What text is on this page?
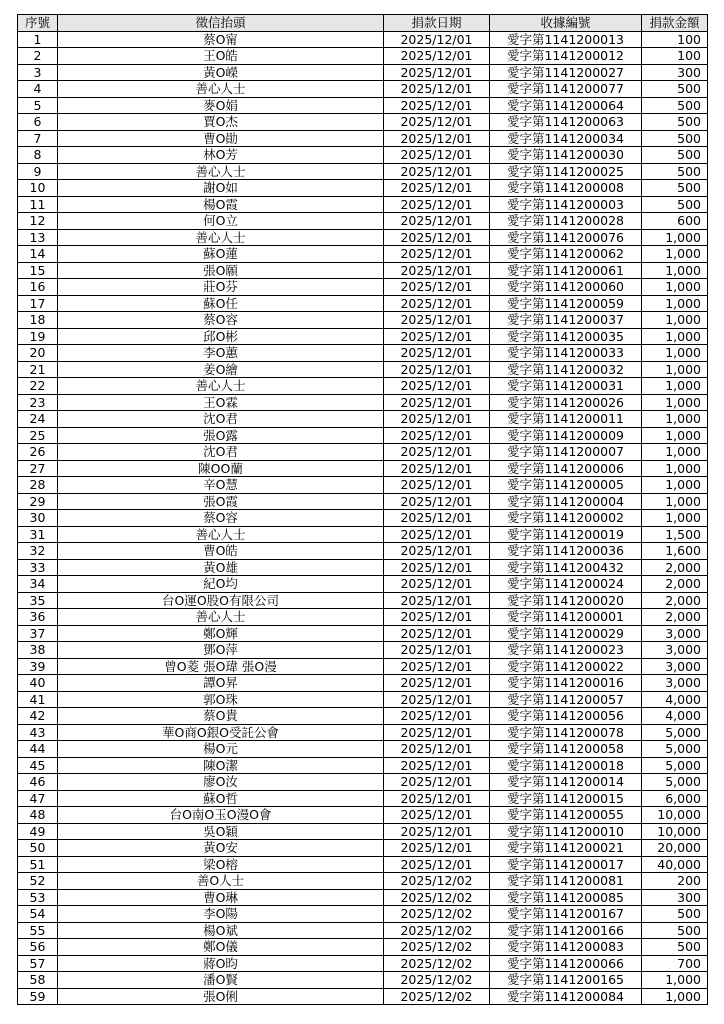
序號	徵信抬頭	捐款日期	收據編號	捐款金額
1	蔡O甯	2025/12/01	愛字第1141200013	100
2	王O皓	2025/12/01	愛字第1141200012	100
3	黃O嶸	2025/12/01	愛字第1141200027	300
4	善心人士	2025/12/01	愛字第1141200077	500
5	麥O娟	2025/12/01	愛字第1141200064	500
6	賈O杰	2025/12/01	愛字第1141200063	500
7	曹O勛	2025/12/01	愛字第1141200034	500
8	林O芳	2025/12/01	愛字第1141200030	500
9	善心人士	2025/12/01	愛字第1141200025	500
10	謝O如	2025/12/01	愛字第1141200008	500
11	楊O霞	2025/12/01	愛字第1141200003	500
12	何O立	2025/12/01	愛字第1141200028	600
13	善心人士	2025/12/01	愛字第1141200076	1,000
14	蘇O蓮	2025/12/01	愛字第1141200062	1,000
15	張O願	2025/12/01	愛字第1141200061	1,000
16	莊O芬	2025/12/01	愛字第1141200060	1,000
17	蘇O任	2025/12/01	愛字第1141200059	1,000
18	蔡O容	2025/12/01	愛字第1141200037	1,000
19	邱O彬	2025/12/01	愛字第1141200035	1,000
20	李O蕙	2025/12/01	愛字第1141200033	1,000
21	姜O繪	2025/12/01	愛字第1141200032	1,000
22	善心人士	2025/12/01	愛字第1141200031	1,000
23	王O霖	2025/12/01	愛字第1141200026	1,000
24	沈O君	2025/12/01	愛字第1141200011	1,000
25	張O露	2025/12/01	愛字第1141200009	1,000
26	沈O君	2025/12/01	愛字第1141200007	1,000
27	陳OO蘭	2025/12/01	愛字第1141200006	1,000
28	辛O慧	2025/12/01	愛字第1141200005	1,000
29	張O霞	2025/12/01	愛字第1141200004	1,000
30	蔡O容	2025/12/01	愛字第1141200002	1,000
31	善心人士	2025/12/01	愛字第1141200019	1,500
32	曹O皓	2025/12/01	愛字第1141200036	1,600
33	黃O雄	2025/12/01	愛字第1141200432	2,000
34	紀O均	2025/12/01	愛字第1141200024	2,000
35	台O運O股O有限公司	2025/12/01	愛字第1141200020	2,000
36	善心人士	2025/12/01	愛字第1141200001	2,000
37	鄭O輝	2025/12/01	愛字第1141200029	3,000
38	鄧O萍	2025/12/01	愛字第1141200023	3,000
39	曾O菱 張O瑋 張O漫	2025/12/01	愛字第1141200022	3,000
40	譚O昇	2025/12/01	愛字第1141200016	3,000
41	郭O珠	2025/12/01	愛字第1141200057	4,000
42	蔡O貴	2025/12/01	愛字第1141200056	4,000
43	華O商O銀O受託公會	2025/12/01	愛字第1141200078	5,000
44	楊O元	2025/12/01	愛字第1141200058	5,000
45	陳O潔	2025/12/01	愛字第1141200018	5,000
46	廖O汝	2025/12/01	愛字第1141200014	5,000
47	蘇O哲	2025/12/01	愛字第1141200015	6,000
48	台O南O玉O漫O會	2025/12/01	愛字第1141200055	10,000
49	吳O穎	2025/12/01	愛字第1141200010	10,000
50	黃O安	2025/12/01	愛字第1141200021	20,000
51	梁O榕	2025/12/01	愛字第1141200017	40,000
52	善O人士	2025/12/02	愛字第1141200081	200
53	曹O琳	2025/12/02	愛字第1141200085	300
54	李O陽	2025/12/02	愛字第1141200167	500
55	楊O斌	2025/12/02	愛字第1141200166	500
56	鄭O儀	2025/12/02	愛字第1141200083	500
57	蔣O昀	2025/12/02	愛字第1141200066	700
58	潘O賢	2025/12/02	愛字第1141200165	1,000
59	張O俐	2025/12/02	愛字第1141200084	1,000
